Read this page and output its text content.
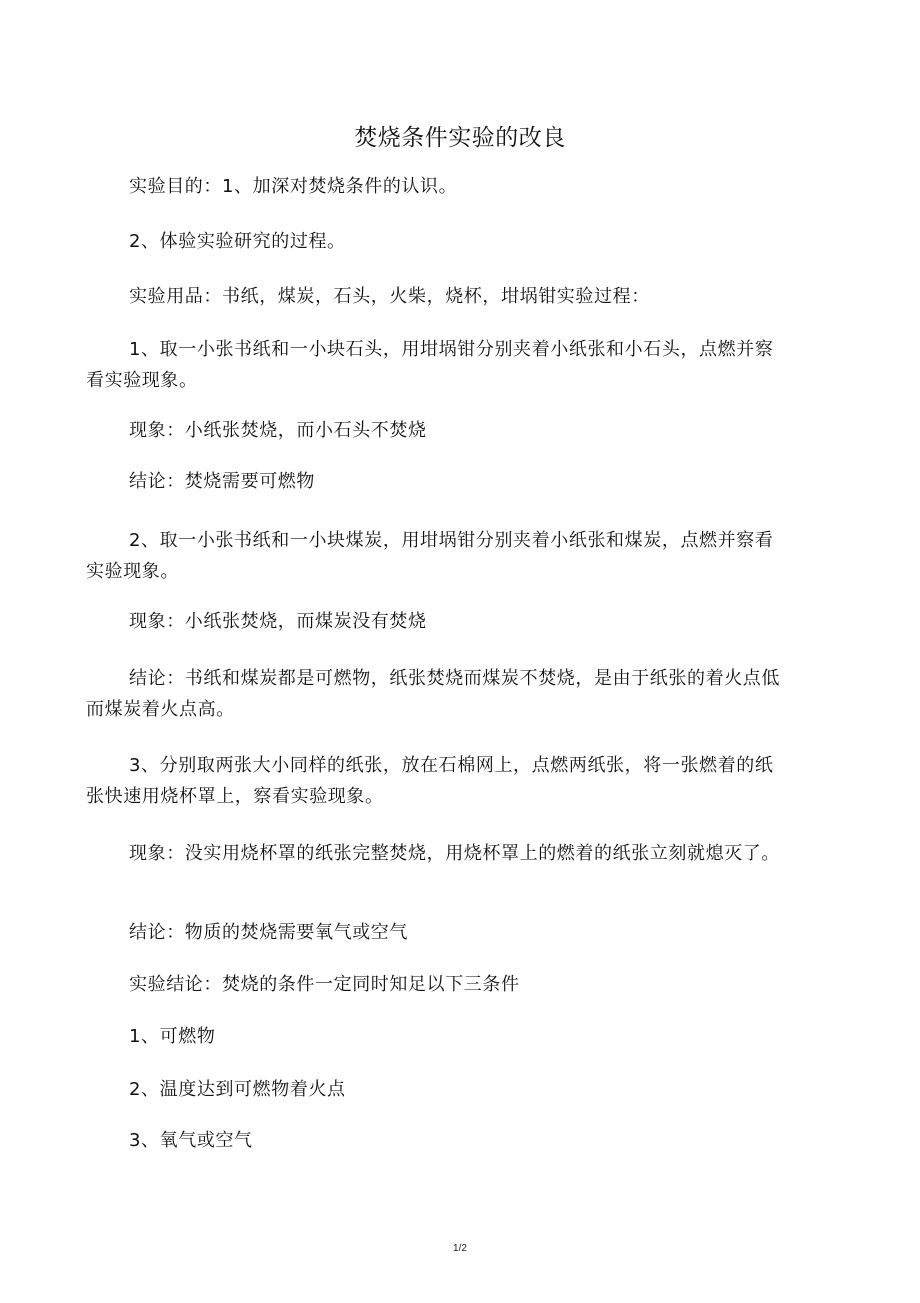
焚烧条件实验的改良
实验目的：1、加深对焚烧条件的认识。
2、体验实验研究的过程。
实验用品：书纸，煤炭，石头，火柴，烧杯，坩埚钳实验过程：
1、取一小张书纸和一小块石头，用坩埚钳分别夹着小纸张和小石头，点燃并察看实验现象。
现象：小纸张焚烧，而小石头不焚烧
结论：焚烧需要可燃物
2、取一小张书纸和一小块煤炭，用坩埚钳分别夹着小纸张和煤炭，点燃并察看实验现象。
现象：小纸张焚烧，而煤炭没有焚烧
结论：书纸和煤炭都是可燃物，纸张焚烧而煤炭不焚烧，是由于纸张的着火点低而煤炭着火点高。
3、分别取两张大小同样的纸张，放在石棉网上，点燃两纸张，将一张燃着的纸张快速用烧杯罩上，察看实验现象。
现象：没实用烧杯罩的纸张完整焚烧，用烧杯罩上的燃着的纸张立刻就熄灭了。
结论：物质的焚烧需要氧气或空气
实验结论：焚烧的条件一定同时知足以下三条件
1、可燃物
2、温度达到可燃物着火点
3、氧气或空气
1/2
